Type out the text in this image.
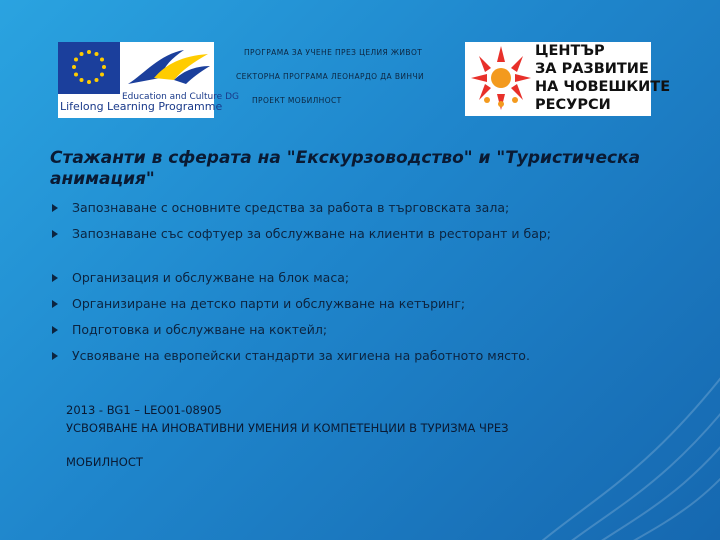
Education and Culture DG
Lifelong Learning Programme
ПРОГРАМА ЗА УЧЕНЕ ПРЕЗ ЦЕЛИЯ ЖИВОТ
СЕКТОРНА ПРОГРАМА ЛЕОНАРДО ДА ВИНЧИ
ПРОЕКТ МОБИЛНОСТ
ЦЕНТЪР
ЗА РАЗВИТИЕ
НА ЧОВЕШКИТЕ
РЕСУРСИ
Стажанти в сферата на "Екскурзоводство" и "Туристическа анимация"
Запознаване с основните средства за работа в търговската зала;
Запознаване със софтуер за обслужване на клиенти в ресторант и бар;
Организация и обслужване на блок маса;
Организиране на детско парти и обслужване на кетъринг;
Подготовка и обслужване на коктейл;
Усвояване на европейски стандарти за хигиена на работното място.
2013 - BG1 – LEO01-08905
УСВОЯВАНЕ НА ИНОВАТИВНИ УМЕНИЯ И КОМПЕТЕНЦИИ В ТУРИЗМА ЧРЕЗ
МОБИЛНОСТ
